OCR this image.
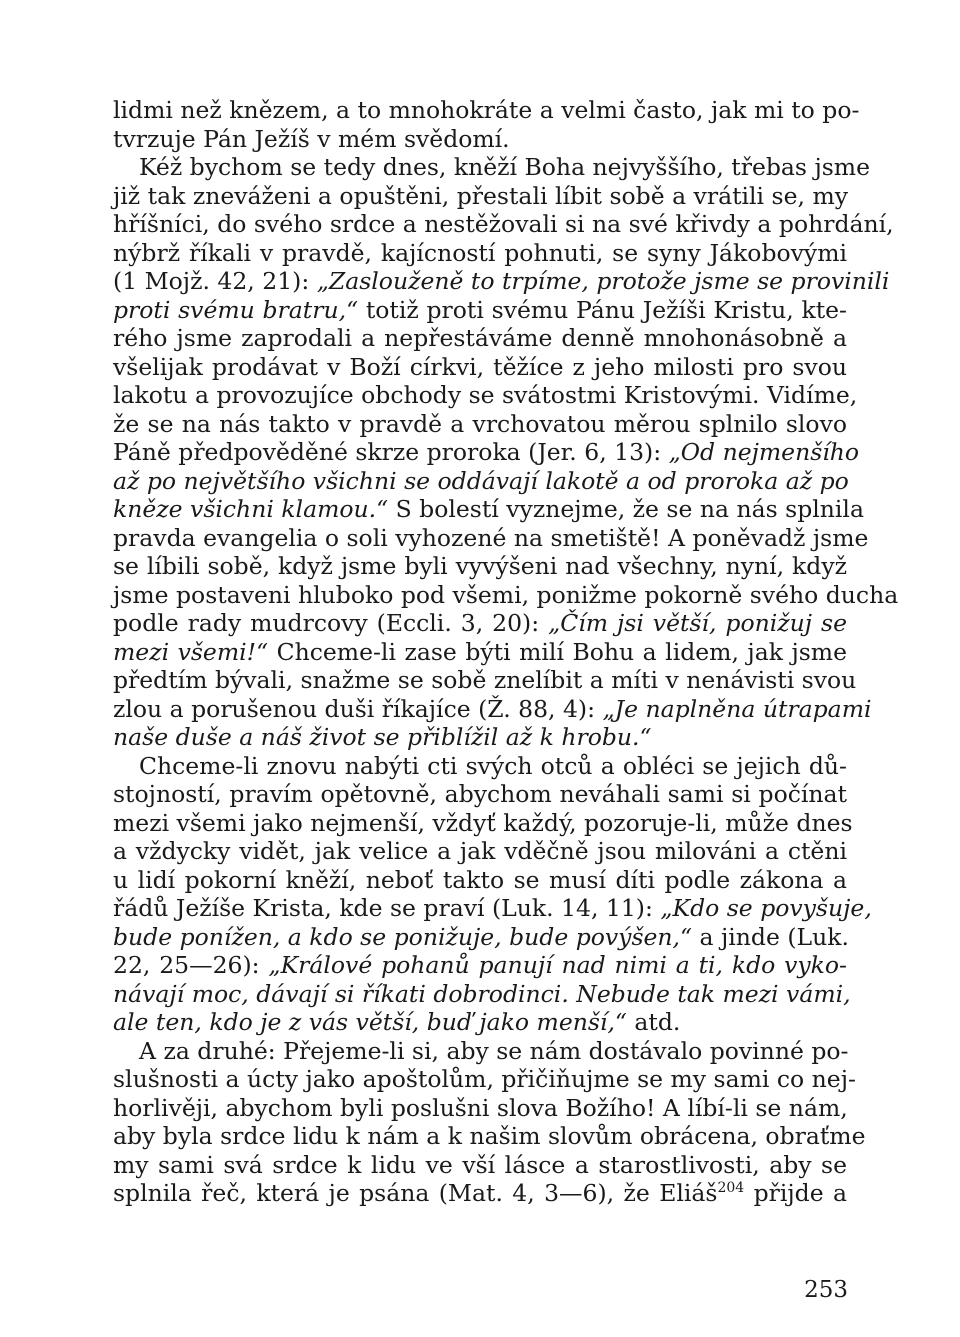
lidmi než knězem, a to mnohokráte a velmi často, jak mi to po-
tvrzuje Pán Ježíš v mém svědomí.
Kéž bychom se tedy dnes, kněží Boha nejvyššího, třebas jsme
již tak zneváženi a opuštěni, přestali líbit sobě a vrátili se, my
hříšníci, do svého srdce a nestěžovali si na své křivdy a pohrdání,
nýbrž říkali v pravdě, kajícností pohnuti, se syny Jákobovými
(1 Mojž. 42, 21): „Zaslouženě to trpíme, protože jsme se provinili
proti svému bratru,“ totiž proti svému Pánu Ježíši Kristu, kte-
rého jsme zaprodali a nepřestáváme denně mnohonásobně a
všelijak prodávat v Boží církvi, těžíce z jeho milosti pro svou
lakotu a provozujíce obchody se svátostmi Kristovými. Vidíme,
že se na nás takto v pravdě a vrchovatou měrou splnilo slovo
Páně předpověděné skrze proroka (Jer. 6, 13): „Od nejmenšího
až po největšího všichni se oddávají lakotě a od proroka až po
kněze všichni klamou.“ S bolestí vyznejme, že se na nás splnila
pravda evangelia o soli vyhozené na smetiště! A poněvadž jsme
se líbili sobě, když jsme byli vyvýšeni nad všechny, nyní, když
jsme postaveni hluboko pod všemi, ponižme pokorně svého ducha
podle rady mudrcovy (Eccli. 3, 20): „Čím jsi větší, ponižuj se
mezi všemi!“ Chceme-li zase býti milí Bohu a lidem, jak jsme
předtím bývali, snažme se sobě znelíbit a míti v nenávisti svou
zlou a porušenou duši říkajíce (Ž. 88, 4): „Je naplněna útrapami
naše duše a náš život se přiblížil až k hrobu.“
Chceme-li znovu nabýti cti svých otců a obléci se jejich dů-
stojností, pravím opětovně, abychom neváhali sami si počínat
mezi všemi jako nejmenší, vždyť každý, pozoruje-li, může dnes
a vždycky vidět, jak velice a jak vděčně jsou milováni a ctěni
u lidí pokorní kněží, neboť takto se musí díti podle zákona a
řádů Ježíše Krista, kde se praví (Luk. 14, 11): „Kdo se povyšuje,
bude ponížen, a kdo se ponižuje, bude povýšen,“ a jinde (Luk.
22, 25—26): „Králové pohanů panují nad nimi a ti, kdo vyko-
návají moc, dávají si říkati dobrodinci. Nebude tak mezi vámi,
ale ten, kdo je z vás větší, buď jako menší,“ atd.
A za druhé: Přejeme-li si, aby se nám dostávalo povinné po-
slušnosti a úcty jako apoštolům, přičiňujme se my sami co nej-
horlivěji, abychom byli poslušni slova Božího! A líbí-li se nám,
aby byla srdce lidu k nám a k našim slovům obrácena, obraťme
my sami svá srdce k lidu ve vší lásce a starostlivosti, aby se
splnila řeč, která je psána (Mat. 4, 3—6), že Eliáš$^{204}$ přijde a
253
